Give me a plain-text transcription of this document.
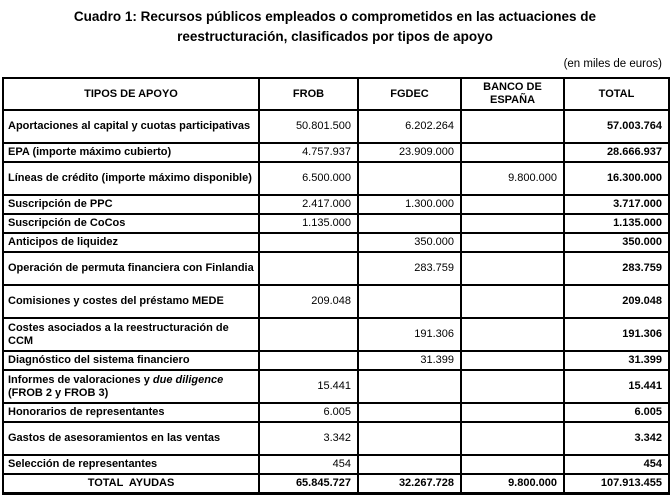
Cuadro 1: Recursos públicos empleados o comprometidos en las actuaciones de reestructuración, clasificados por tipos de apoyo
(en miles de euros)
TIPOS DE APOYO	FROB	FGDEC	BANCO DE ESPAÑA	TOTAL
Aportaciones al capital y cuotas participativas	50.801.500	6.202.264		57.003.764
EPA (importe máximo cubierto)	4.757.937	23.909.000		28.666.937
Líneas de crédito (importe máximo disponible)	6.500.000		9.800.000	16.300.000
Suscripción de PPC	2.417.000	1.300.000		3.717.000
Suscripción de CoCos	1.135.000			1.135.000
Anticipos de liquidez		350.000		350.000
Operación de permuta financiera con Finlandia		283.759		283.759
Comisiones y costes del préstamo MEDE	209.048			209.048
Costes asociados a la reestructuración de CCM		191.306		191.306
Diagnóstico del sistema financiero		31.399		31.399
Informes de valoraciones y due diligence (FROB 2 y FROB 3)	15.441			15.441
Honorarios de representantes	6.005			6.005
Gastos de asesoramientos en las ventas	3.342			3.342
Selección de representantes	454			454
TOTAL  AYUDAS	65.845.727	32.267.728	9.800.000	107.913.455
